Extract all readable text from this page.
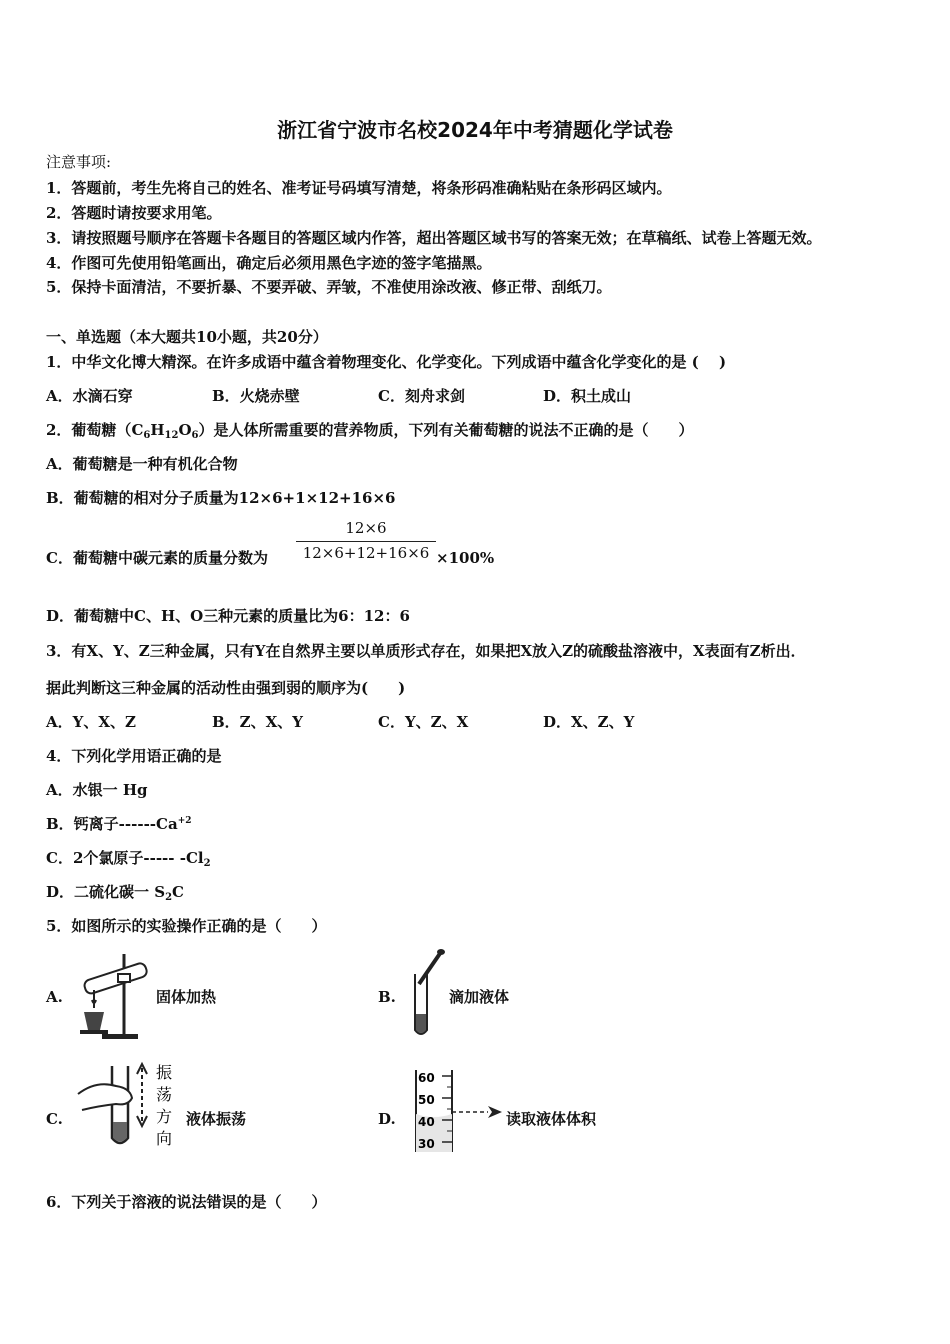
浙江省宁波市名校2024年中考猜题化学试卷
注意事项:
1．答题前，考生先将自己的姓名、准考证号码填写清楚，将条形码准确粘贴在条形码区域内。
2．答题时请按要求用笔。
3．请按照题号顺序在答题卡各题目的答题区域内作答，超出答题区域书写的答案无效；在草稿纸、试卷上答题无效。
4．作图可先使用铅笔画出，确定后必须用黑色字迹的签字笔描黑。
5．保持卡面清洁，不要折暴、不要弄破、弄皱，不准使用涂改液、修正带、刮纸刀。
一、单选题（本大题共10小题，共20分）
1．中华文化博大精深。在许多成语中蕴含着物理变化、化学变化。下列成语中蕴含化学变化的是 (　 )
A．水滴石穿	B．火烧赤壁	C．刻舟求剑	D．积土成山
2．葡萄糖$(C_6H_{12}O_6)$是人体所需重要的营养物质，下列有关葡萄糖的说法不正确的是（　　）
A．葡萄糖是一种有机化合物
B．葡萄糖的相对分子质量为12×6+1×12+16×6
C．葡萄糖中碳元素的质量分数为
12×6
12×6+12+16×6 ×100%
D．葡萄糖中C、H、O三种元素的质量比为6：12：6
3．有X、Y、Z三种金属，只有Y在自然界主要以单质形式存在，如果把X放入Z的硫酸盐溶液中，X表面有Z析出．
据此判断这三种金属的活动性由强到弱的顺序为(　　)
A．Y、X、Z	B．Z、X、Y	C．Y、Z、X	D．X、Z、Y
4．下列化学用语正确的是
A．水银一 Hg
B．钙离子$------Ca^{+2}$
C．2个氯原子----- $-Cl_2$
D．二硫化碳一 $S_2C$
5．如图所示的实验操作正确的是（　　）
A.	固体加热	B.	滴加液体
C.
振
荡
方
向
液体振荡	D.
60
50
40
30
读取液体体积
6．下列关于溶液的说法错误的是（　　）
